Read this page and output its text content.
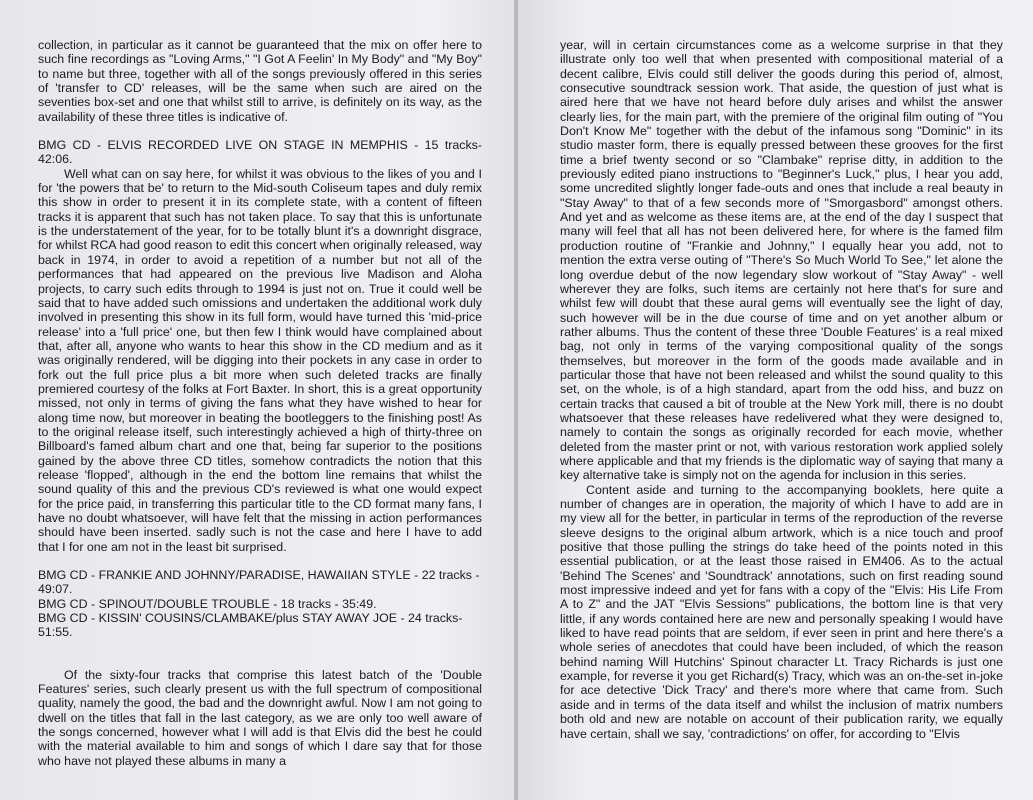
collection, in particular as it cannot be guaranteed that the mix on offer here to such fine recordings as "Loving Arms," "I Got A Feelin' In My Body" and "My Boy" to name but three, together with all of the songs previously offered in this series of 'transfer to CD' releases, will be the same when such are aired on the seventies box-set and one that whilst still to arrive, is definitely on its way, as the availability of these three titles is indicative of.

BMG CD - ELVIS RECORDED LIVE ON STAGE IN MEMPHIS - 15 tracks- 42:06.

Well what can on say here, for whilst it was obvious to the likes of you and I for 'the powers that be' to return to the Mid-south Coliseum tapes and duly remix this show in order to present it in its complete state, with a content of fifteen tracks it is apparent that such has not taken place. To say that this is unfortunate is the understatement of the year, for to be totally blunt it's a downright disgrace, for whilst RCA had good reason to edit this concert when originally released, way back in 1974, in order to avoid a repetition of a number but not all of the performances that had appeared on the previous live Madison and Aloha projects, to carry such edits through to 1994 is just not on. True it could well be said that to have added such omissions and undertaken the additional work duly involved in presenting this show in its full form, would have turned this 'mid-price release' into a 'full price' one, but then few I think would have complained about that, after all, anyone who wants to hear this show in the CD medium and as it was originally rendered, will be digging into their pockets in any case in order to fork out the full price plus a bit more when such deleted tracks are finally premiered courtesy of the folks at Fort Baxter. In short, this is a great opportunity missed, not only in terms of giving the fans what they have wished to hear for along time now, but moreover in beating the bootleggers to the finishing post! As to the original release itself, such interestingly achieved a high of thirty-three on Billboard's famed album chart and one that, being far superior to the positions gained by the above three CD titles, somehow contradicts the notion that this release 'flopped', although in the end the bottom line remains that whilst the sound quality of this and the previous CD's reviewed is what one would expect for the price paid, in transferring this particular title to the CD format many fans, I have no doubt whatsoever, will have felt that the missing in action performances should have been inserted. sadly such is not the case and here I have to add that I for one am not in the least bit surprised.

BMG CD - FRANKIE AND JOHNNY/PARADISE, HAWAIIAN STYLE - 22 tracks - 49:07.

BMG CD - SPINOUT/DOUBLE TROUBLE - 18 tracks - 35:49.

BMG CD - KISSIN' COUSINS/CLAMBAKE/plus STAY AWAY JOE - 24 tracks- 51:55.

Of the sixty-four tracks that comprise this latest batch of the 'Double Features' series, such clearly present us with the full spectrum of compositional quality, namely the good, the bad and the downright awful. Now I am not going to dwell on the titles that fall in the last category, as we are only too well aware of the songs concerned, however what I will add is that Elvis did the best he could with the material available to him and songs of which I dare say that for those who have not played these albums in many a

year, will in certain circumstances come as a welcome surprise in that they illustrate only too well that when presented with compositional material of a decent calibre, Elvis could still deliver the goods during this period of, almost, consecutive soundtrack session work. That aside, the question of just what is aired here that we have not heard before duly arises and whilst the answer clearly lies, for the main part, with the premiere of the original film outing of "You Don't Know Me" together with the debut of the infamous song "Dominic" in its studio master form, there is equally pressed between these grooves for the first time a brief twenty second or so "Clambake" reprise ditty, in addition to the previously edited piano instructions to "Beginner's Luck," plus, I hear you add, some uncredited slightly longer fade-outs and ones that include a real beauty in "Stay Away" to that of a few seconds more of "Smorgasbord" amongst others. And yet and as welcome as these items are, at the end of the day I suspect that many will feel that all has not been delivered here, for where is the famed film production routine of "Frankie and Johnny," I equally hear you add, not to mention the extra verse outing of "There's So Much World To See," let alone the long overdue debut of the now legendary slow workout of "Stay Away" - well wherever they are folks, such items are certainly not here that's for sure and whilst few will doubt that these aural gems will eventually see the light of day, such however will be in the due course of time and on yet another album or rather albums. Thus the content of these three 'Double Features' is a real mixed bag, not only in terms of the varying compositional quality of the songs themselves, but moreover in the form of the goods made available and in particular those that have not been released and whilst the sound quality to this set, on the whole, is of a high standard, apart from the odd hiss, and buzz on certain tracks that caused a bit of trouble at the New York mill, there is no doubt whatsoever that these releases have redelivered what they were designed to, namely to contain the songs as originally recorded for each movie, whether deleted from the master print or not, with various restoration work applied solely where applicable and that my friends is the diplomatic way of saying that many a key alternative take is simply not on the agenda for inclusion in this series.

Content aside and turning to the accompanying booklets, here quite a number of changes are in operation, the majority of which I have to add are in my view all for the better, in particular in terms of the reproduction of the reverse sleeve designs to the original album artwork, which is a nice touch and proof positive that those pulling the strings do take heed of the points noted in this essential publication, or at the least those raised in EM406. As to the actual 'Behind The Scenes' and 'Soundtrack' annotations, such on first reading sound most impressive indeed and yet for fans with a copy of the "Elvis: His Life From A to Z" and the JAT "Elvis Sessions" publications, the bottom line is that very little, if any words contained here are new and personally speaking I would have liked to have read points that are seldom, if ever seen in print and here there's a whole series of anecdotes that could have been included, of which the reason behind naming Will Hutchins' Spinout character Lt. Tracy Richards is just one example, for reverse it you get Richard(s) Tracy, which was an on-the-set in-joke for ace detective 'Dick Tracy' and there's more where that came from. Such aside and in terms of the data itself and whilst the inclusion of matrix numbers both old and new are notable on account of their publication rarity, we equally have certain, shall we say, 'contradictions' on offer, for according to "Elvis
